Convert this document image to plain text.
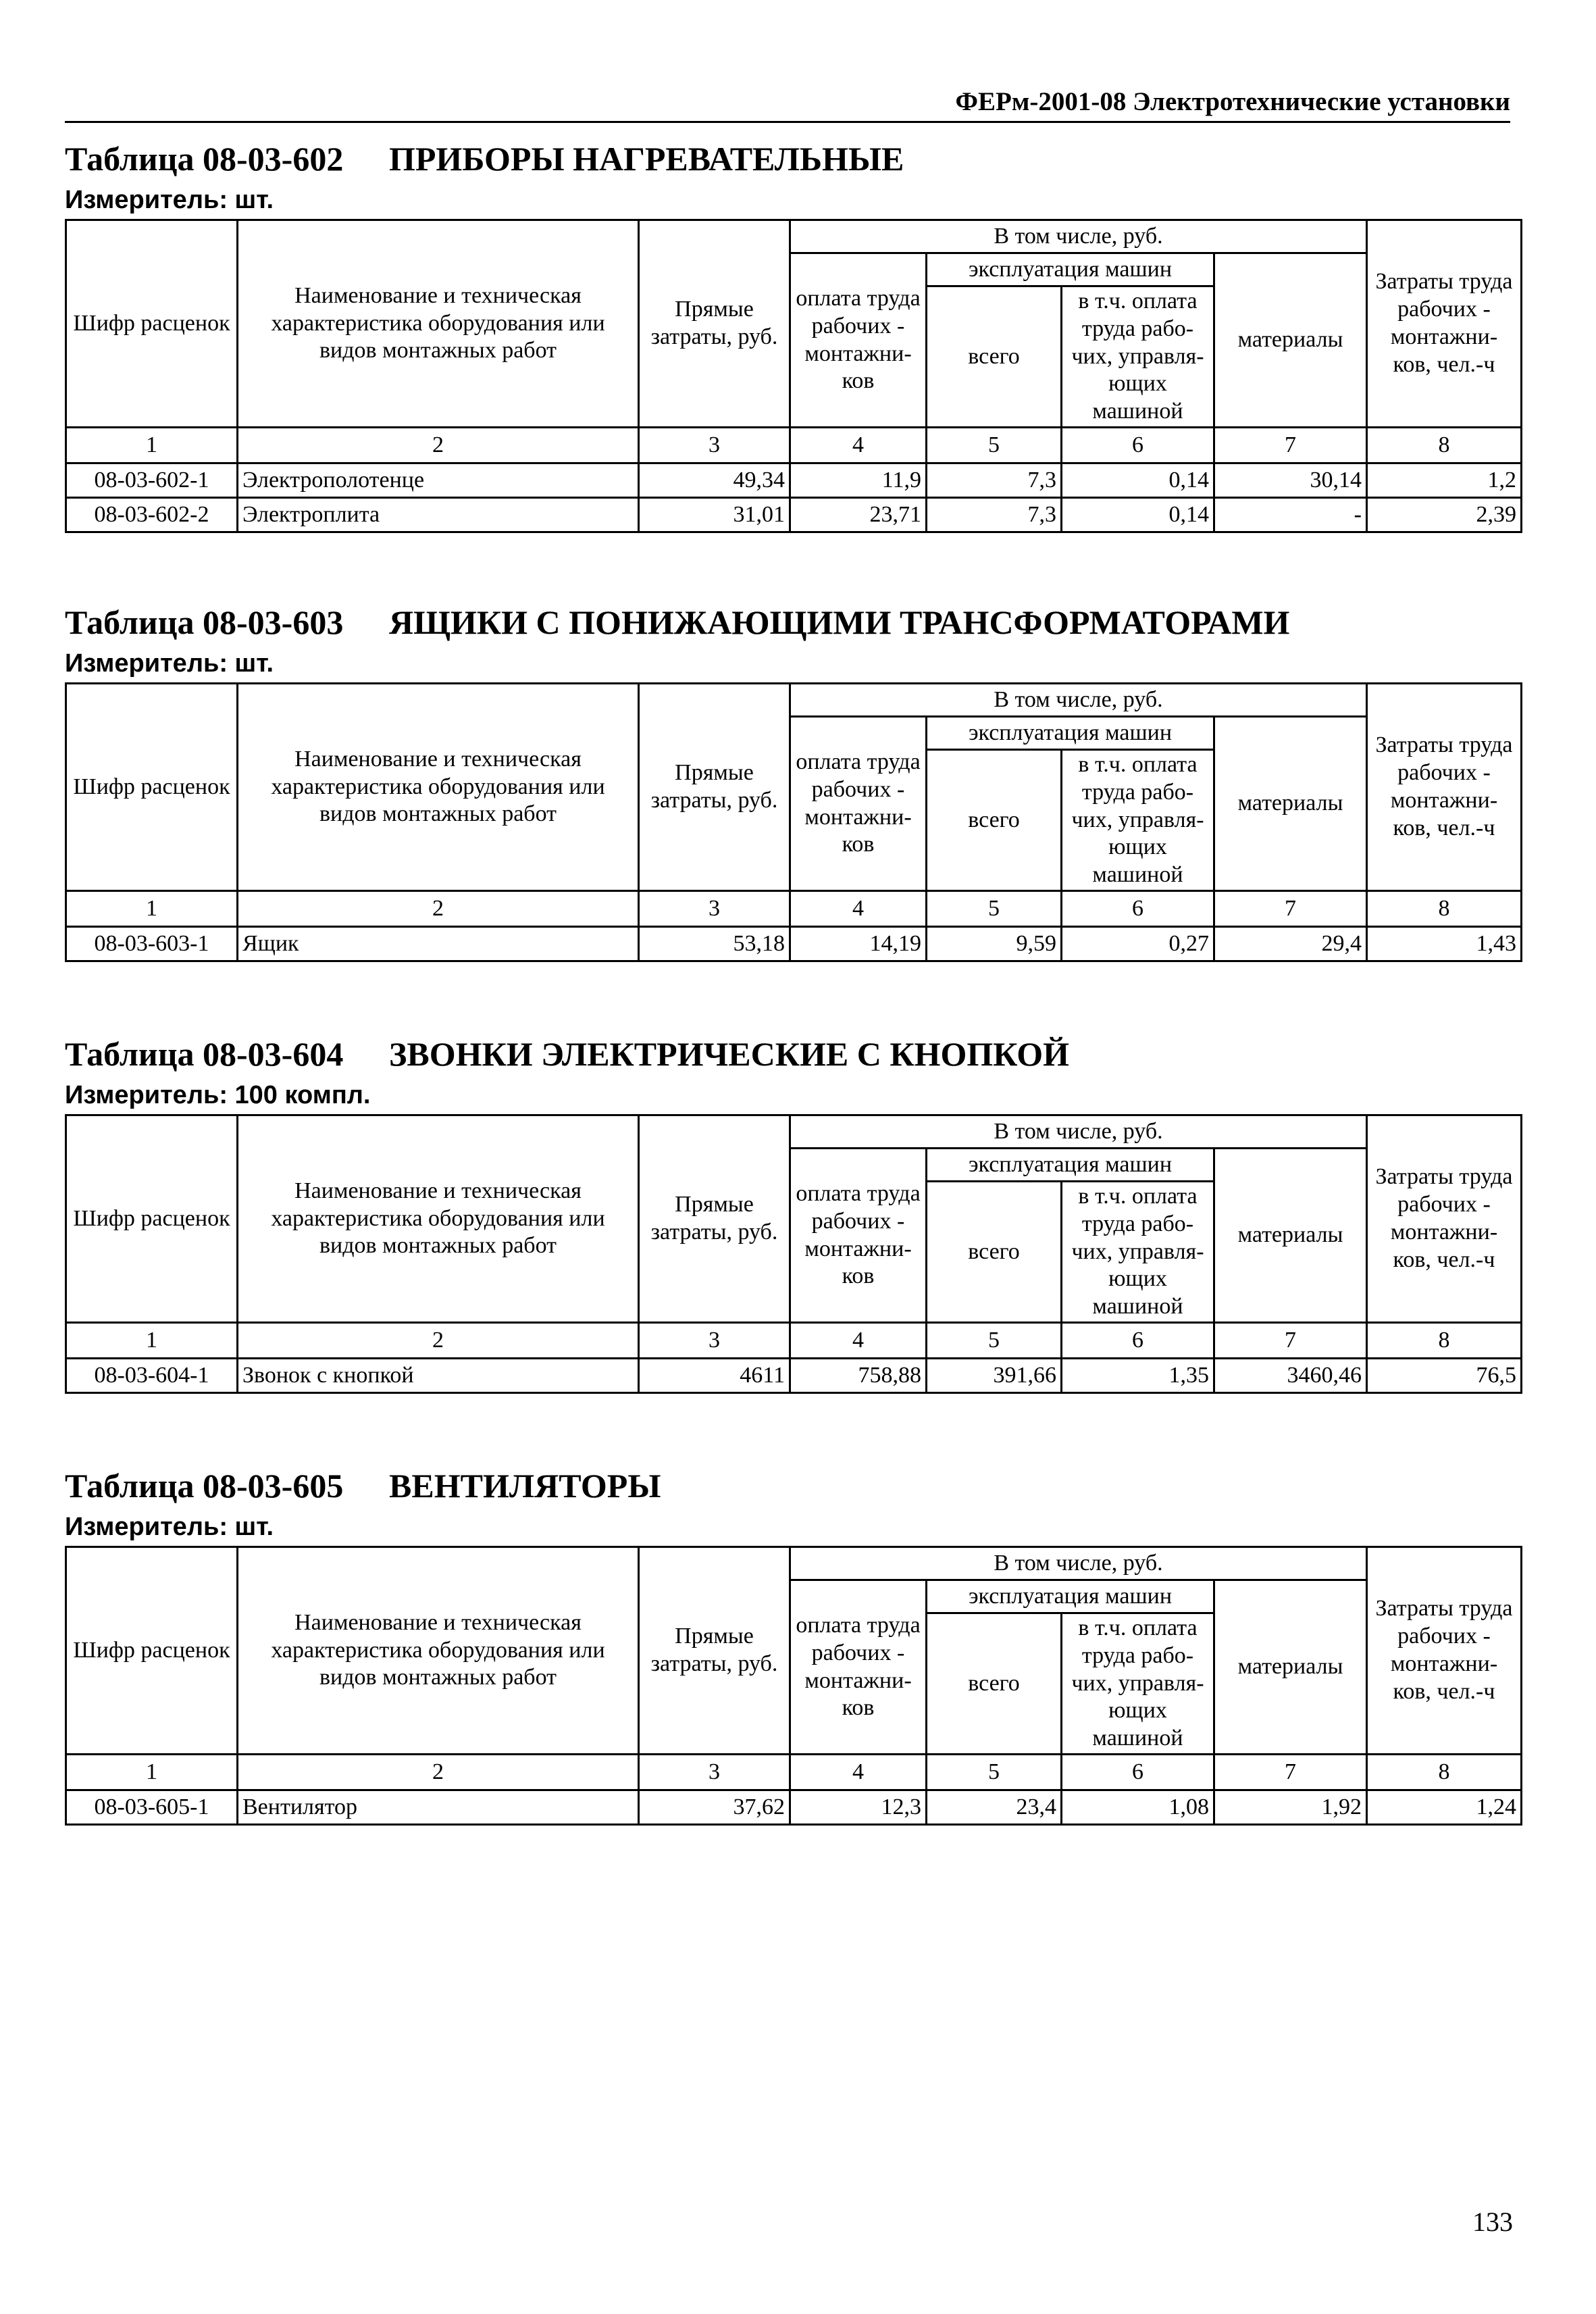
ФЕРм-2001-08 Электротехнические установки
Таблица 08-03-602 ПРИБОРЫ НАГРЕВАТЕЛЬНЫЕ
Измеритель: шт.
Шифр расценок	Наименование и техническая характеристика оборудования или видов монтажных работ	Прямые затраты, руб.	В том числе, руб.				Затраты труда рабочих - монтажни-ков, чел.-ч
			оплата труда рабочих - монтажни-ков	эксплуатация машин		материалы	
				всего	в т.ч. оплата труда рабо-чих, управля-ющих машиной		
1	2	3	4	5	6	7	8
08-03-602-1	Электрополотенце	49,34	11,9	7,3	0,14	30,14	1,2
08-03-602-2	Электроплита	31,01	23,71	7,3	0,14	-	2,39
Таблица 08-03-603 ЯЩИКИ С ПОНИЖАЮЩИМИ ТРАНСФОРМАТОРАМИ
Измеритель: шт.
Шифр расценок	Наименование и техническая характеристика оборудования или видов монтажных работ	Прямые затраты, руб.	В том числе, руб.				Затраты труда рабочих - монтажни-ков, чел.-ч
			оплата труда рабочих - монтажни-ков	эксплуатация машин		материалы	
				всего	в т.ч. оплата труда рабо-чих, управля-ющих машиной		
1	2	3	4	5	6	7	8
08-03-603-1	Ящик	53,18	14,19	9,59	0,27	29,4	1,43
Таблица 08-03-604 ЗВОНКИ ЭЛЕКТРИЧЕСКИЕ С КНОПКОЙ
Измеритель: 100 компл.
Шифр расценок	Наименование и техническая характеристика оборудования или видов монтажных работ	Прямые затраты, руб.	В том числе, руб.				Затраты труда рабочих - монтажни-ков, чел.-ч
			оплата труда рабочих - монтажни-ков	эксплуатация машин		материалы	
				всего	в т.ч. оплата труда рабо-чих, управля-ющих машиной		
1	2	3	4	5	6	7	8
08-03-604-1	Звонок с кнопкой	4611	758,88	391,66	1,35	3460,46	76,5
Таблица 08-03-605 ВЕНТИЛЯТОРЫ
Измеритель: шт.
Шифр расценок	Наименование и техническая характеристика оборудования или видов монтажных работ	Прямые затраты, руб.	В том числе, руб.				Затраты труда рабочих - монтажни-ков, чел.-ч
			оплата труда рабочих - монтажни-ков	эксплуатация машин		материалы	
				всего	в т.ч. оплата труда рабо-чих, управля-ющих машиной		
1	2	3	4	5	6	7	8
08-03-605-1	Вентилятор	37,62	12,3	23,4	1,08	1,92	1,24
133
